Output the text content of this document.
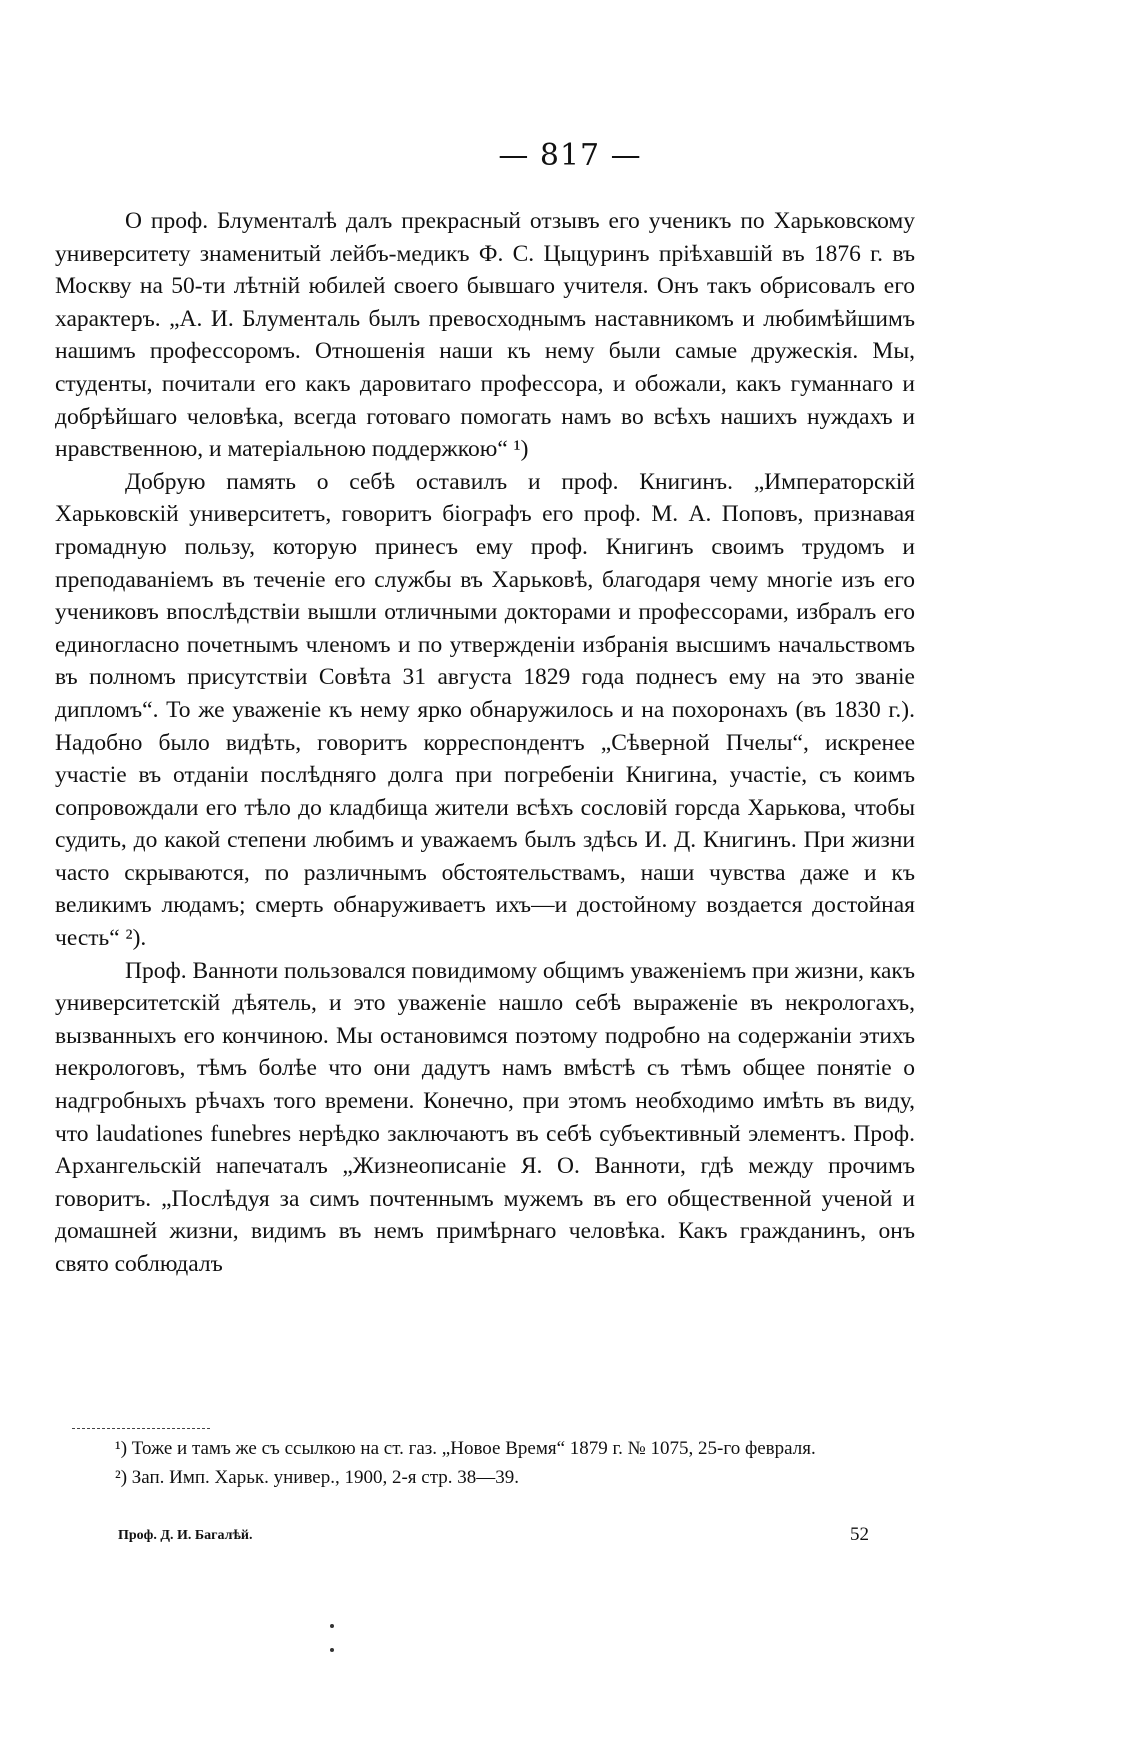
— 817 —

О проф. Блументалѣ далъ прекрасный отзывъ его ученикъ по Харьковскому университету знаменитый лейбъ-медикъ Ф. С. Цыцуринъ пріѣхавшій въ 1876 г. въ Москву на 50-ти лѣтній юбилей своего бывшаго учителя. Онъ такъ обрисовалъ его характеръ. „А. И. Блументаль былъ превосходнымъ наставникомъ и любимѣйшимъ нашимъ профессоромъ. Отношенія наши къ нему были самые дружескія. Мы, студенты, почитали его какъ даровитаго профессора, и обожали, какъ гуманнаго и добрѣйшаго человѣка, всегда готоваго помогать намъ во всѣхъ нашихъ нуждахъ и нравственною, и матеріальною поддержкою“ ¹)

Добрую память о себѣ оставилъ и проф. Книгинъ. „Императорскій Харьковскій университетъ, говоритъ біографъ его проф. М. А. Поповъ, признавая громадную пользу, которую принесъ ему проф. Книгинъ своимъ трудомъ и преподаваніемъ въ теченіе его службы въ Харьковѣ, благодаря чему многіе изъ его учениковъ впослѣдствіи вышли отличными докторами и профессорами, избралъ его единогласно почетнымъ членомъ и по утвержденіи избранія высшимъ начальствомъ въ полномъ присутствіи Совѣта 31 августа 1829 года поднесъ ему на это званіе дипломъ“. То же уваженіе къ нему ярко обнаружилось и на похоронахъ (въ 1830 г.). Надобно было видѣть, говоритъ корреспондентъ „Сѣверной Пчелы“, искренее участіе въ отданіи послѣдняго долга при погребеніи Книгина, участіе, съ коимъ сопровождали его тѣло до кладбища жители всѣхъ сословій горсда Харькова, чтобы судить, до какой степени любимъ и уважаемъ былъ здѣсь И. Д. Книгинъ. При жизни часто скрываются, по различнымъ обстоятельствамъ, наши чувства даже и къ великимъ людамъ; смерть обнаруживаетъ ихъ—и достойному воздается достойная честь“ ²).

Проф. Ванноти пользовался повидимому общимъ уваженіемъ при жизни, какъ университетскій дѣятель, и это уваженіе нашло себѣ выраженіе въ некрологахъ, вызванныхъ его кончиною. Мы остановимся поэтому подробно на содержаніи этихъ некрологовъ, тѣмъ болѣе что они дадутъ намъ вмѣстѣ съ тѣмъ общее понятіе о надгробныхъ рѣчахъ того времени. Конечно, при этомъ необходимо имѣть въ виду, что laudationes funebres нерѣдко заключаютъ въ себѣ субъективный элементъ. Проф. Архангельскій напечаталъ „Жизнеописаніе Я. О. Ванноти, гдѣ между прочимъ говоритъ. „Послѣдуя за симъ почтеннымъ мужемъ въ его общественной ученой и домашней жизни, видимъ въ немъ примѣрнаго человѣка. Какъ гражданинъ, онъ свято соблюдалъ

¹) Тоже и тамъ же съ ссылкою на ст. газ. „Новое Время“ 1879 г. № 1075, 25-го февраля.

²) Зап. Имп. Харьк. универ., 1900, 2-я стр. 38—39.

Проф. Д. И. Багалѣй.	52
